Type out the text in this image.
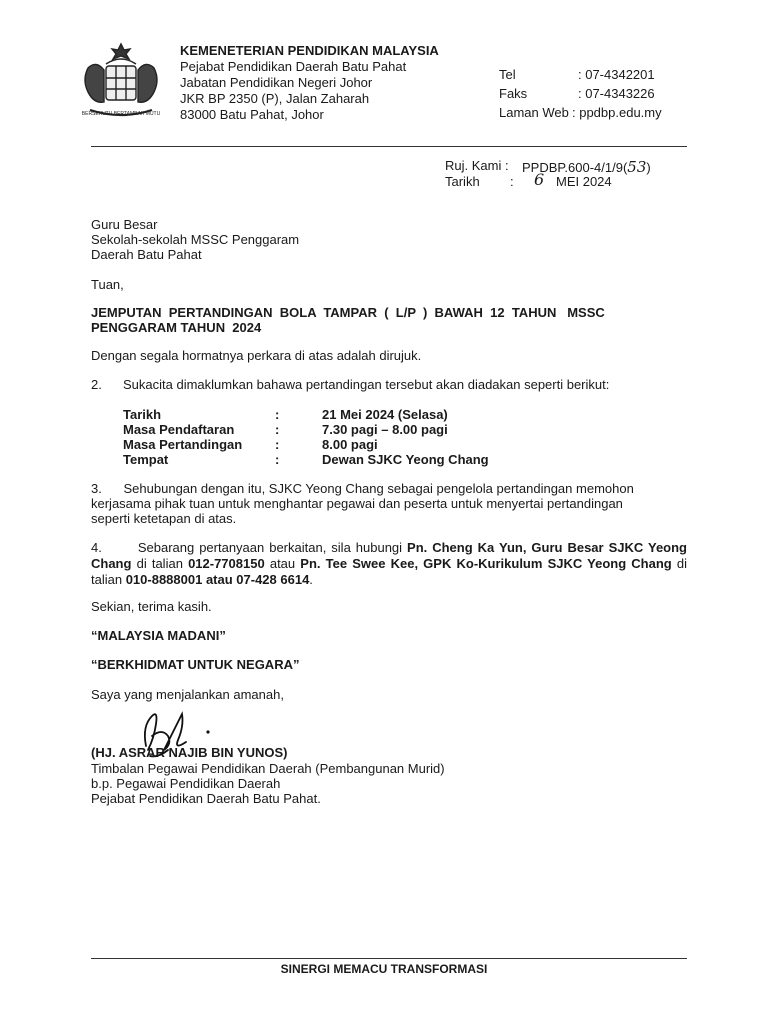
BERSEKUTU BERTAMBAH MUTU
KEMENETERIAN PENDIDIKAN MALAYSIA
Pejabat Pendidikan Daerah Batu Pahat
Jabatan Pendidikan Negeri Johor
JKR BP 2350 (P), Jalan Zaharah
83000 Batu Pahat, Johor
Tel	: 07-4342201
Faks	: 07-4343226
Laman Web : ppdbp.edu.my
Ruj. Kami : PPDBP.600-4/1/9(53)
Tarikh : 6 MEI 2024
Guru Besar
Sekolah-sekolah MSSC Penggaram
Daerah Batu Pahat
Tuan,
JEMPUTAN  PERTANDINGAN  BOLA  TAMPAR  (  L/P  )  BAWAH  12  TAHUN   MSSC
PENGGARAM TAHUN  2024
Dengan segala hormatnya perkara di atas adalah dirujuk.
2. Sukacita dimaklumkan bahawa pertandingan tersebut akan diadakan seperti berikut:
Tarikh	:	21 Mei 2024 (Selasa)
Masa Pendaftaran	:	7.30 pagi – 8.00 pagi
Masa Pertandingan	:	8.00 pagi
Tempat	:	Dewan SJKC Yeong Chang
3.      Sehubungan dengan itu, SJKC Yeong Chang sebagai pengelola pertandingan memohon
kerjasama pihak tuan untuk menghantar pegawai dan peserta untuk menyertai pertandingan
seperti ketetapan di atas.
4.	Sebarang pertanyaan berkaitan, sila hubungi Pn. Cheng Ka Yun, Guru Besar SJKC Yeong Chang di talian 012-7708150 atau Pn. Tee Swee Kee, GPK Ko-Kurikulum SJKC Yeong Chang di talian 010-8888001 atau 07-428 6614.
Sekian, terima kasih.
“MALAYSIA MADANI”
“BERKHIDMAT UNTUK NEGARA”
Saya yang menjalankan amanah,
(HJ. ASRAR NAJIB BIN YUNOS)
Timbalan Pegawai Pendidikan Daerah (Pembangunan Murid)
b.p. Pegawai Pendidikan Daerah
Pejabat Pendidikan Daerah Batu Pahat.
SINERGI MEMACU TRANSFORMASI
